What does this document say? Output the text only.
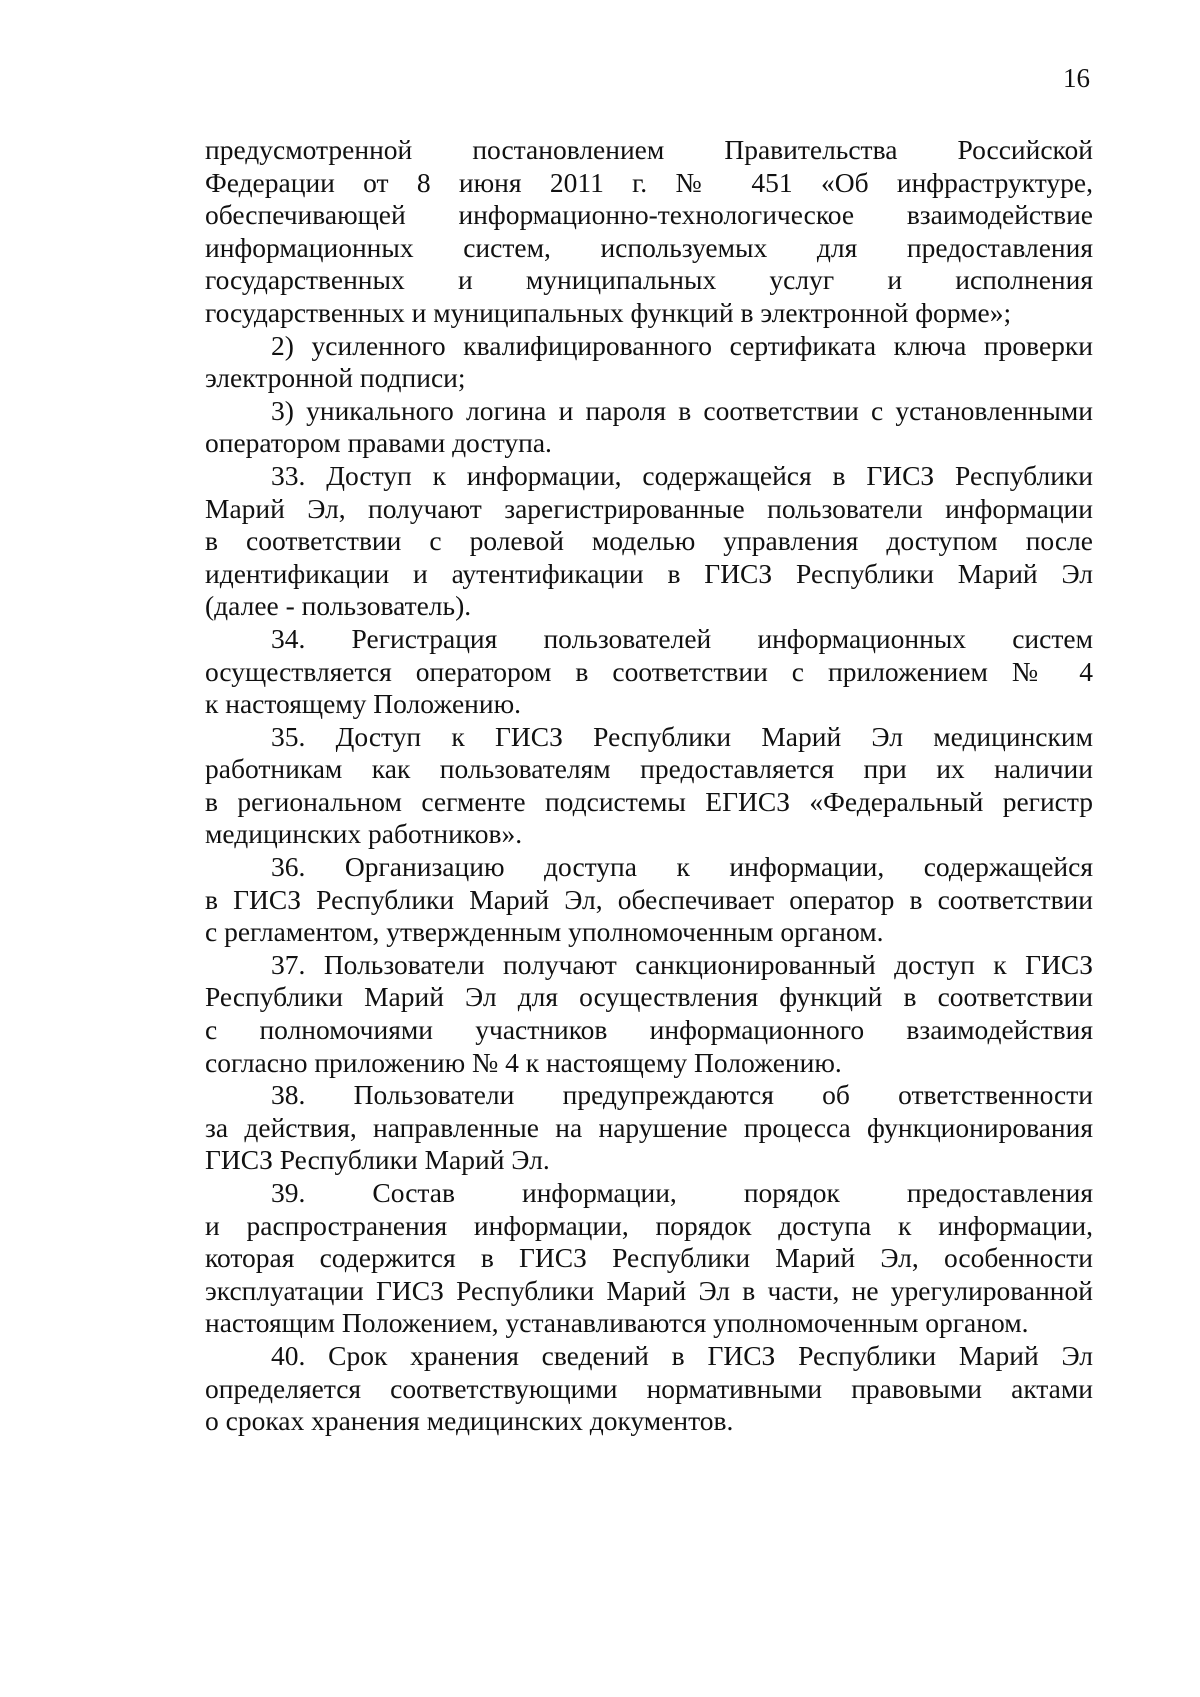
16

предусмотренной постановлением Правительства Российской
Федерации от 8 июня 2011 г. № 451 «Об инфраструктуре,
обеспечивающей информационно-технологическое взаимодействие
информационных систем, используемых для предоставления
государственных и муниципальных услуг и исполнения
государственных и муниципальных функций в электронной форме»;

2) усиленного квалифицированного сертификата ключа проверки
электронной подписи;

3) уникального логина и пароля в соответствии с установленными
оператором правами доступа.

33. Доступ к информации, содержащейся в ГИСЗ Республики
Марий Эл, получают зарегистрированные пользователи информации
в соответствии с ролевой моделью управления доступом после
идентификации и аутентификации в ГИСЗ Республики Марий Эл
(далее - пользователь).

34. Регистрация пользователей информационных систем
осуществляется оператором в соответствии с приложением № 4
к настоящему Положению.

35. Доступ к ГИСЗ Республики Марий Эл медицинским
работникам как пользователям предоставляется при их наличии
в региональном сегменте подсистемы ЕГИСЗ «Федеральный регистр
медицинских работников».

36. Организацию доступа к информации, содержащейся
в ГИСЗ Республики Марий Эл, обеспечивает оператор в соответствии
с регламентом, утвержденным уполномоченным органом.

37. Пользователи получают санкционированный доступ к ГИСЗ
Республики Марий Эл для осуществления функций в соответствии
с полномочиями участников информационного взаимодействия
согласно приложению № 4 к настоящему Положению.

38. Пользователи предупреждаются об ответственности
за действия, направленные на нарушение процесса функционирования
ГИСЗ Республики Марий Эл.

39. Состав информации, порядок предоставления
и распространения информации, порядок доступа к информации,
которая содержится в ГИСЗ Республики Марий Эл, особенности
эксплуатации ГИСЗ Республики Марий Эл в части, не урегулированной
настоящим Положением, устанавливаются уполномоченным органом.

40. Срок хранения сведений в ГИСЗ Республики Марий Эл
определяется соответствующими нормативными правовыми актами
о сроках хранения медицинских документов.
